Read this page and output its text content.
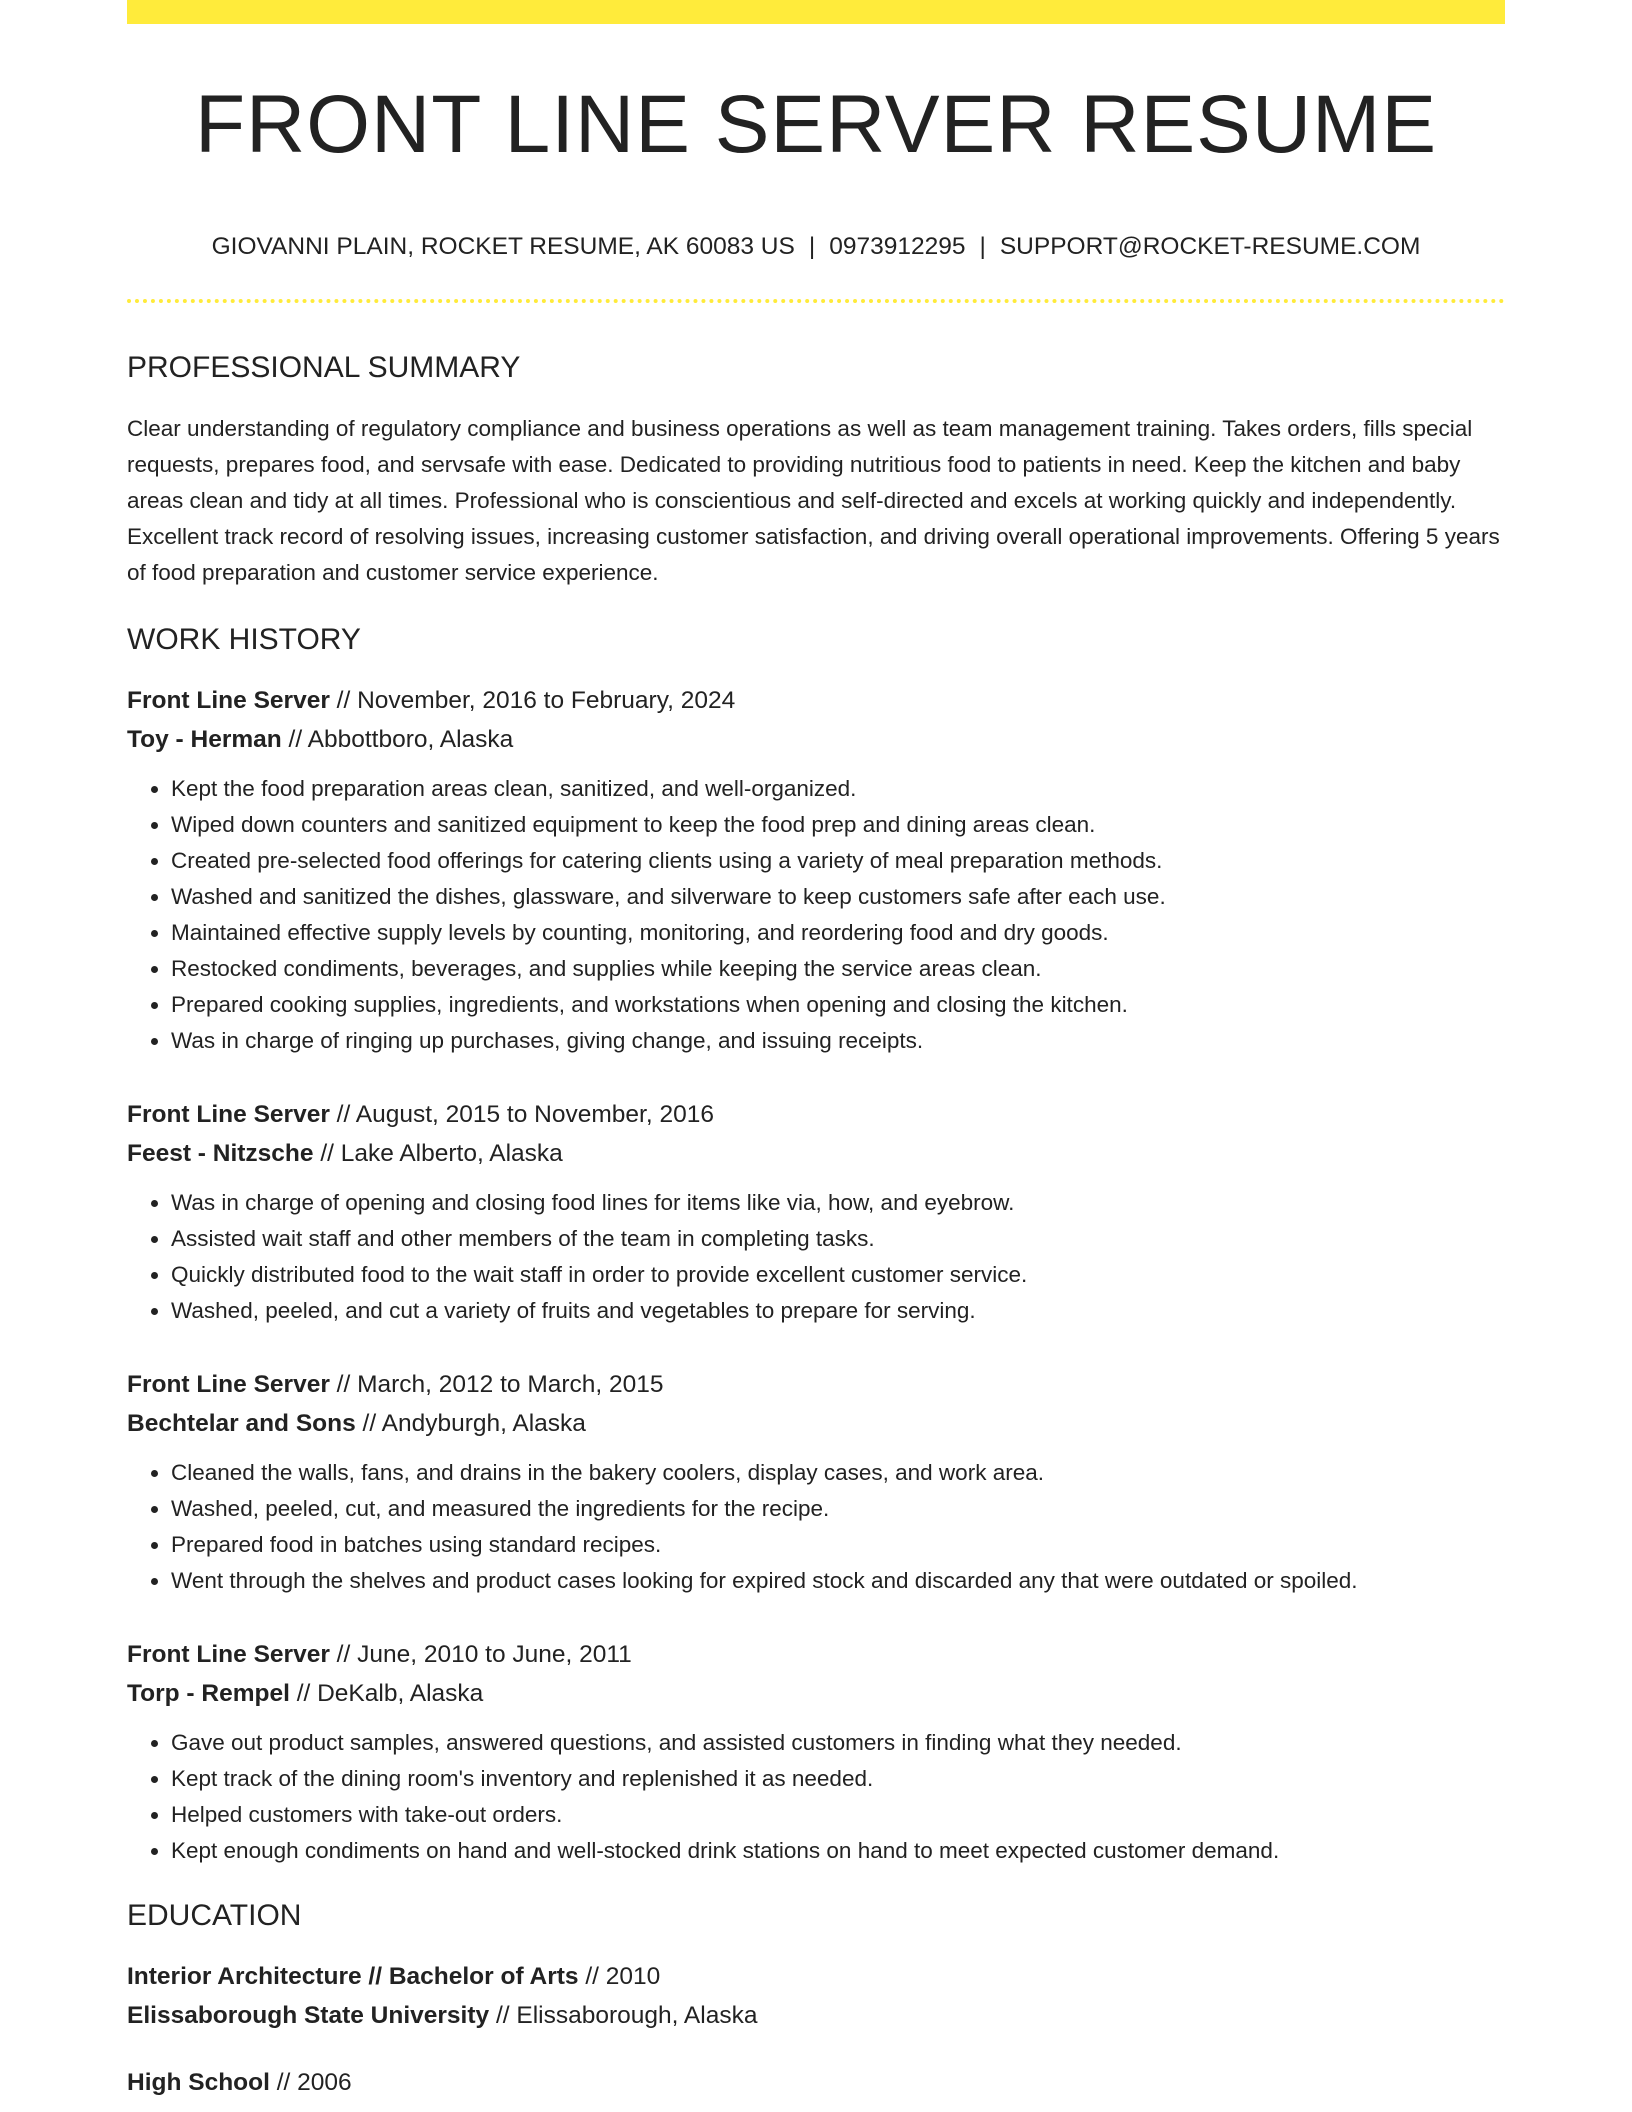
FRONT LINE SERVER RESUME
GIOVANNI PLAIN, ROCKET RESUME, AK 60083 US | 0973912295 | SUPPORT@ROCKET-RESUME.COM
PROFESSIONAL SUMMARY

Clear understanding of regulatory compliance and business operations as well as team management training. Takes orders, fills special requests, prepares food, and servsafe with ease. Dedicated to providing nutritious food to patients in need. Keep the kitchen and baby areas clean and tidy at all times. Professional who is conscientious and self-directed and excels at working quickly and independently. Excellent track record of resolving issues, increasing customer satisfaction, and driving overall operational improvements. Offering 5 years of food preparation and customer service experience.

WORK HISTORY
Front Line Server // November, 2016 to February, 2024
Toy - Herman // Abbottboro, Alaska
• Kept the food preparation areas clean, sanitized, and well-organized.
• Wiped down counters and sanitized equipment to keep the food prep and dining areas clean.
• Created pre-selected food offerings for catering clients using a variety of meal preparation methods.
• Washed and sanitized the dishes, glassware, and silverware to keep customers safe after each use.
• Maintained effective supply levels by counting, monitoring, and reordering food and dry goods.
• Restocked condiments, beverages, and supplies while keeping the service areas clean.
• Prepared cooking supplies, ingredients, and workstations when opening and closing the kitchen.
• Was in charge of ringing up purchases, giving change, and issuing receipts.
Front Line Server // August, 2015 to November, 2016
Feest - Nitzsche // Lake Alberto, Alaska
• Was in charge of opening and closing food lines for items like via, how, and eyebrow.
• Assisted wait staff and other members of the team in completing tasks.
• Quickly distributed food to the wait staff in order to provide excellent customer service.
• Washed, peeled, and cut a variety of fruits and vegetables to prepare for serving.
Front Line Server // March, 2012 to March, 2015
Bechtelar and Sons // Andyburgh, Alaska
• Cleaned the walls, fans, and drains in the bakery coolers, display cases, and work area.
• Washed, peeled, cut, and measured the ingredients for the recipe.
• Prepared food in batches using standard recipes.
• Went through the shelves and product cases looking for expired stock and discarded any that were outdated or spoiled.
Front Line Server // June, 2010 to June, 2011
Torp - Rempel // DeKalb, Alaska
• Gave out product samples, answered questions, and assisted customers in finding what they needed.
• Kept track of the dining room's inventory and replenished it as needed.
• Helped customers with take-out orders.
• Kept enough condiments on hand and well-stocked drink stations on hand to meet expected customer demand.
EDUCATION
Interior Architecture // Bachelor of Arts // 2010
Elissaborough State University // Elissaborough, Alaska
High School // 2006
